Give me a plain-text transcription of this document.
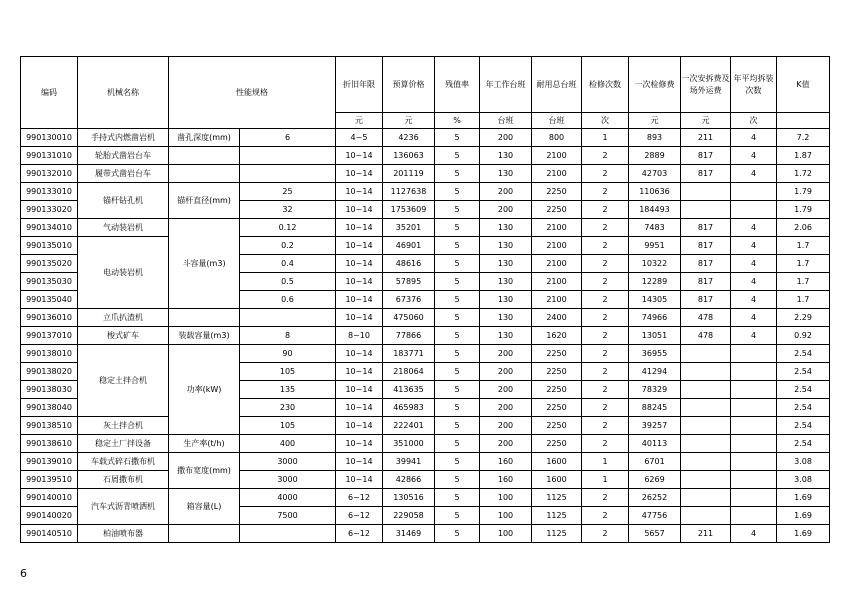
编码	机械名称	性能规格		折旧年限	预算价格	残值率	年工作台班	耐用总台班	检修次数	一次检修费	一次安拆费及场外运费	年平均拆装次数	K值
				元	元	%	台班	台班	次	元	元	次	
990130010	手持式内燃凿岩机	凿孔深度(mm)	6	4~5	4236	5	200	800	1	893	211	4	7.2
990131010	轮胎式凿岩台车			10~14	136063	5	130	2100	2	2889	817	4	1.87
990132010	履带式凿岩台车			10~14	201119	5	130	2100	2	42703	817	4	1.72
990133010	锚杆钻孔机	锚杆直径(mm)	25	10~14	1127638	5	200	2250	2	110636			1.79
990133020			32	10~14	1753609	5	200	2250	2	184493			1.79
990134010	气动装岩机	斗容量(m3)	0.12	10~14	35201	5	130	2100	2	7483	817	4	2.06
990135010	电动装岩机		0.2	10~14	46901	5	130	2100	2	9951	817	4	1.7
990135020			0.4	10~14	48616	5	130	2100	2	10322	817	4	1.7
990135030			0.5	10~14	57895	5	130	2100	2	12289	817	4	1.7
990135040			0.6	10~14	67376	5	130	2100	2	14305	817	4	1.7
990136010	立爪扒渣机			10~14	475060	5	130	2400	2	74966	478	4	2.29
990137010	梭式矿车	装载容量(m3)	8	8~10	77866	5	130	1620	2	13051	478	4	0.92
990138010	稳定土拌合机	功率(kW)	90	10~14	183771	5	200	2250	2	36955			2.54
990138020			105	10~14	218064	5	200	2250	2	41294			2.54
990138030			135	10~14	413635	5	200	2250	2	78329			2.54
990138040			230	10~14	465983	5	200	2250	2	88245			2.54
990138510	灰土拌合机		105	10~14	222401	5	200	2250	2	39257			2.54
990138610	稳定土厂拌设备	生产率(t/h)	400	10~14	351000	5	200	2250	2	40113			2.54
990139010	车载式碎石撒布机	撒布宽度(mm)	3000	10~14	39941	5	160	1600	1	6701			3.08
990139510	石屑撒布机		3000	10~14	42866	5	160	1600	1	6269			3.08
990140010	汽车式沥青喷洒机	箱容量(L)	4000	6~12	130516	5	100	1125	2	26252			1.69
990140020			7500	6~12	229058	5	100	1125	2	47756			1.69
990140510	柏油喷布器			6~12	31469	5	100	1125	2	5657	211	4	1.69
6
